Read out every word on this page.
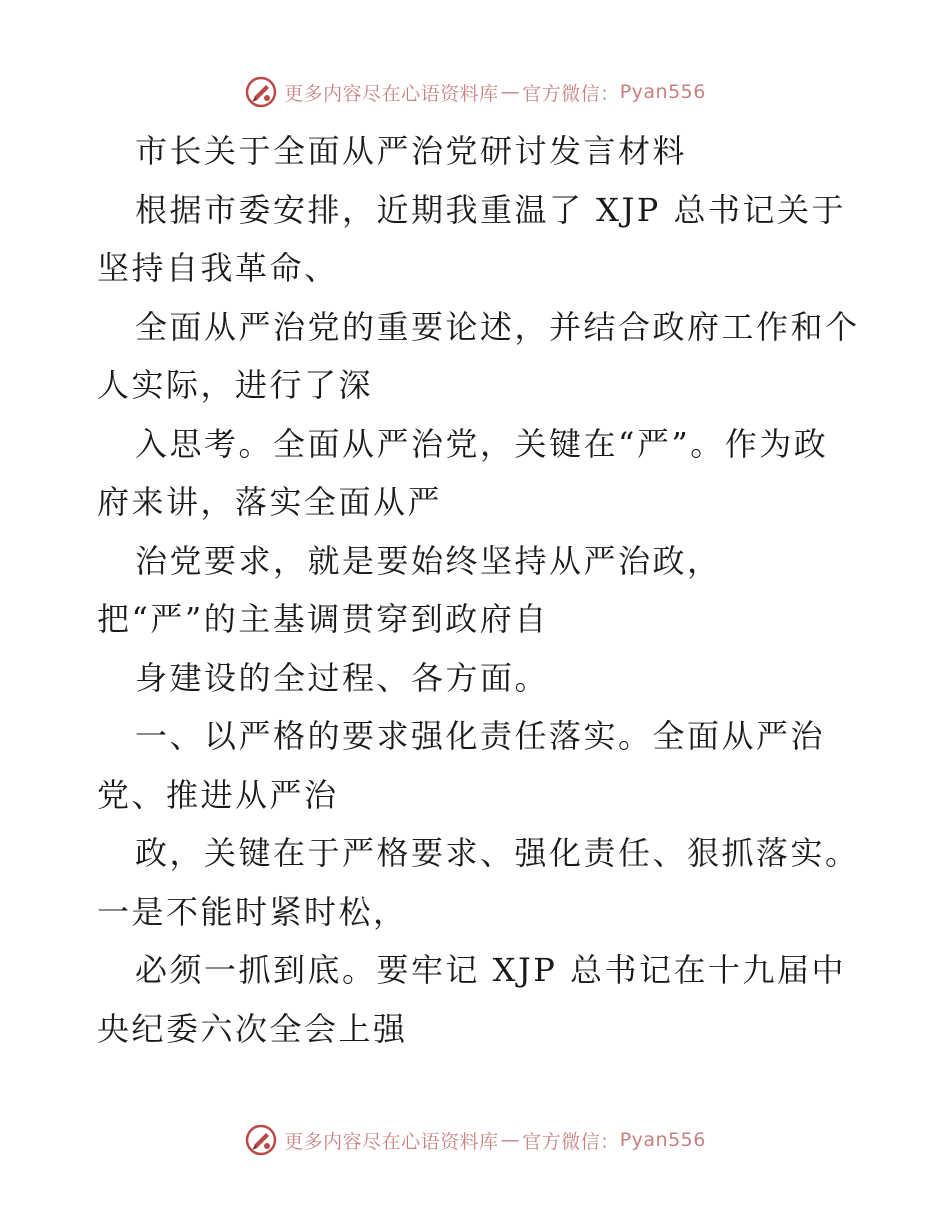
更多内容尽在心语资料库 — 官方微信： Pyan556
市长关于全面从严治党研讨发言材料
根据市委安排，近期我重温了 XJP 总书记关于
坚持自我革命、
全面从严治党的重要论述，并结合政府工作和个
人实际，进行了深
入思考。全面从严治党，关键在“严”。作为政
府来讲，落实全面从严
治党要求，就是要始终坚持从严治政，
把“严”的主基调贯穿到政府自
身建设的全过程、各方面。
一、以严格的要求强化责任落实。全面从严治
党、推进从严治
政，关键在于严格要求、强化责任、狠抓落实。
一是不能时紧时松，
必须一抓到底。要牢记 XJP 总书记在十九届中
央纪委六次全会上强
更多内容尽在心语资料库 — 官方微信： Pyan556
